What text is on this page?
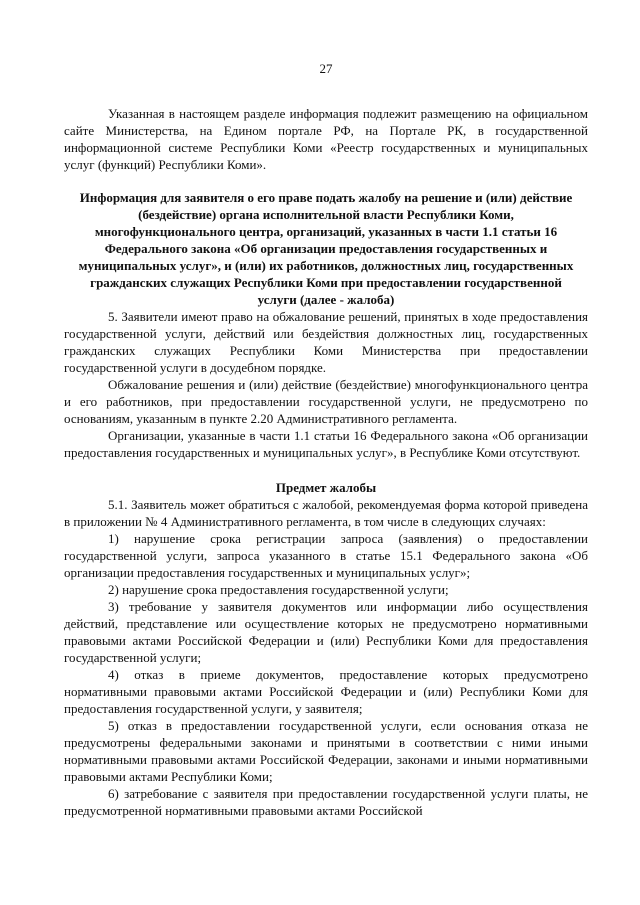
27

Указанная в настоящем разделе информация подлежит размещению на официальном сайте Министерства, на Едином портале РФ, на Портале РК, в государственной информационной системе Республики Коми «Реестр государственных и муниципальных услуг (функций) Республики Коми».

Информация для заявителя о его праве подать жалобу на решение и (или) действие (бездействие) органа исполнительной власти Республики Коми, многофункционального центра, организаций, указанных в части 1.1 статьи 16 Федерального закона «Об организации предоставления государственных и муниципальных услуг», и (или) их работников, должностных лиц, государственных гражданских служащих Республики Коми при предоставлении государственной услуги (далее - жалоба)

5. Заявители имеют право на обжалование решений, принятых в ходе предоставления государственной услуги, действий или бездействия должностных лиц, государственных гражданских служащих Республики Коми Министерства при предоставлении государственной услуги в досудебном порядке.

Обжалование решения и (или) действие (бездействие) многофункционального центра и его работников, при предоставлении государственной услуги, не предусмотрено по основаниям, указанным в пункте 2.20 Административного регламента.

Организации, указанные в части 1.1 статьи 16 Федерального закона «Об организации предоставления государственных и муниципальных услуг», в Республике Коми отсутствуют.

Предмет жалобы

5.1. Заявитель может обратиться с жалобой, рекомендуемая форма которой приведена в приложении № 4 Административного регламента, в том числе в следующих случаях:

1) нарушение срока регистрации запроса (заявления) о предоставлении государственной услуги, запроса указанного в статье 15.1 Федерального закона «Об организации предоставления государственных и муниципальных услуг»;

2) нарушение срока предоставления государственной услуги;

3) требование у заявителя документов или информации либо осуществления действий, представление или осуществление которых не предусмотрено нормативными правовыми актами Российской Федерации и (или) Республики Коми для предоставления государственной услуги;

4) отказ в приеме документов, предоставление которых предусмотрено нормативными правовыми актами Российской Федерации и (или) Республики Коми для предоставления государственной услуги, у заявителя;

5) отказ в предоставлении государственной услуги, если основания отказа не предусмотрены федеральными законами и принятыми в соответствии с ними иными нормативными правовыми актами Российской Федерации, законами и иными нормативными правовыми актами Республики Коми;

6) затребование с заявителя при предоставлении государственной услуги платы, не предусмотренной нормативными правовыми актами Российской
